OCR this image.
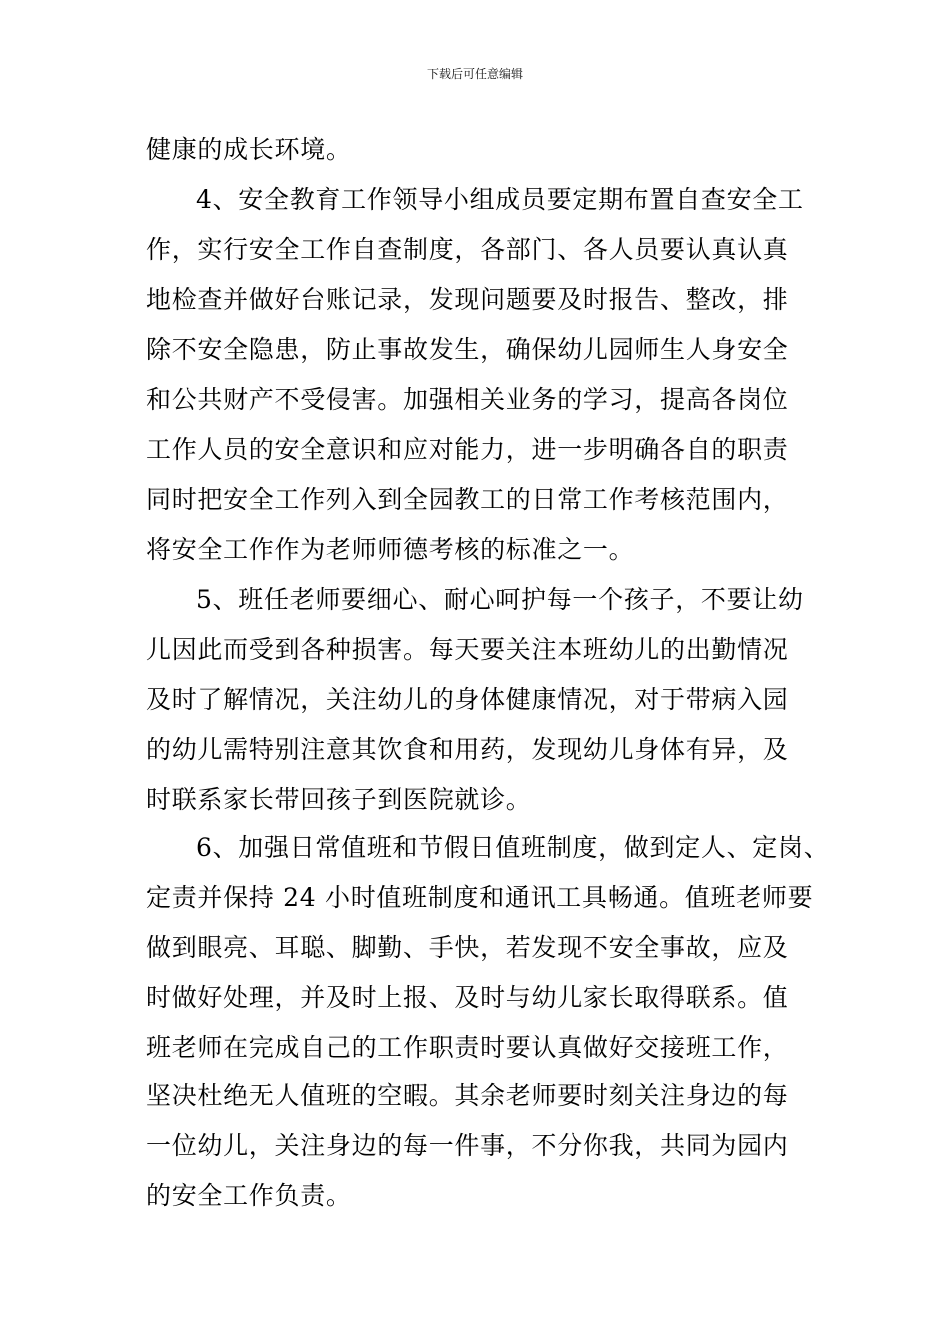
下载后可任意编辑
健康的成长环境。
4、安全教育工作领导小组成员要定期布置自查安全工
作，实行安全工作自查制度，各部门、各人员要认真认真
地检查并做好台账记录，发现问题要及时报告、整改，排
除不安全隐患，防止事故发生，确保幼儿园师生人身安全
和公共财产不受侵害。加强相关业务的学习，提高各岗位
工作人员的安全意识和应对能力，进一步明确各自的职责
同时把安全工作列入到全园教工的日常工作考核范围内，
将安全工作作为老师师德考核的标准之一。
5、班任老师要细心、耐心呵护每一个孩子，不要让幼
儿因此而受到各种损害。每天要关注本班幼儿的出勤情况
及时了解情况，关注幼儿的身体健康情况，对于带病入园
的幼儿需特别注意其饮食和用药，发现幼儿身体有异，及
时联系家长带回孩子到医院就诊。
6、加强日常值班和节假日值班制度，做到定人、定岗、
定责并保持 24 小时值班制度和通讯工具畅通。值班老师要
做到眼亮、耳聪、脚勤、手快，若发现不安全事故，应及
时做好处理，并及时上报、及时与幼儿家长取得联系。值
班老师在完成自己的工作职责时要认真做好交接班工作，
坚决杜绝无人值班的空暇。其余老师要时刻关注身边的每
一位幼儿，关注身边的每一件事，不分你我，共同为园内
的安全工作负责。
